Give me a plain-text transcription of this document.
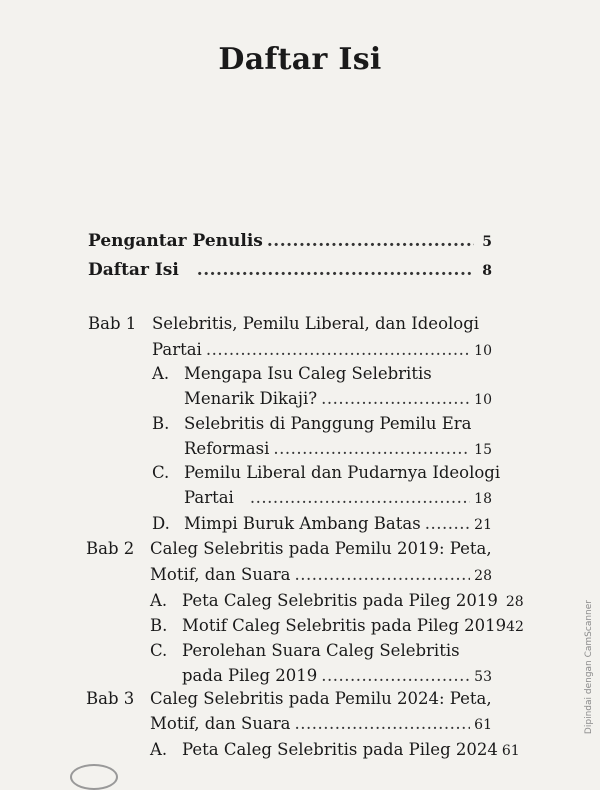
Daftar Isi
Pengantar Penulis .....	5
Daftar Isi .....	8
Bab 1 Selebritis, Pemilu Liberal, dan Ideologi
Partai .....	10
A. Mengapa Isu Caleg Selebritis
Menarik Dikaji? .....	10
B. Selebritis di Panggung Pemilu Era
Reformasi .....	15
C. Pemilu Liberal dan Pudarnya Ideologi
Partai .....	18
D. Mimpi Buruk Ambang Batas .....	21
Bab 2 Caleg Selebritis pada Pemilu 2019: Peta,
Motif, dan Suara .....	28
A. Peta Caleg Selebritis pada Pileg 2019 28
B. Motif Caleg Selebritis pada Pileg 2019 42
C. Perolehan Suara Caleg Selebritis
pada Pileg 2019 .....	53
Bab 3 Caleg Selebritis pada Pemilu 2024: Peta,
Motif, dan Suara .....	61
A. Peta Caleg Selebritis pada Pileg 2024 61
Dipindai dengan CamScanner
